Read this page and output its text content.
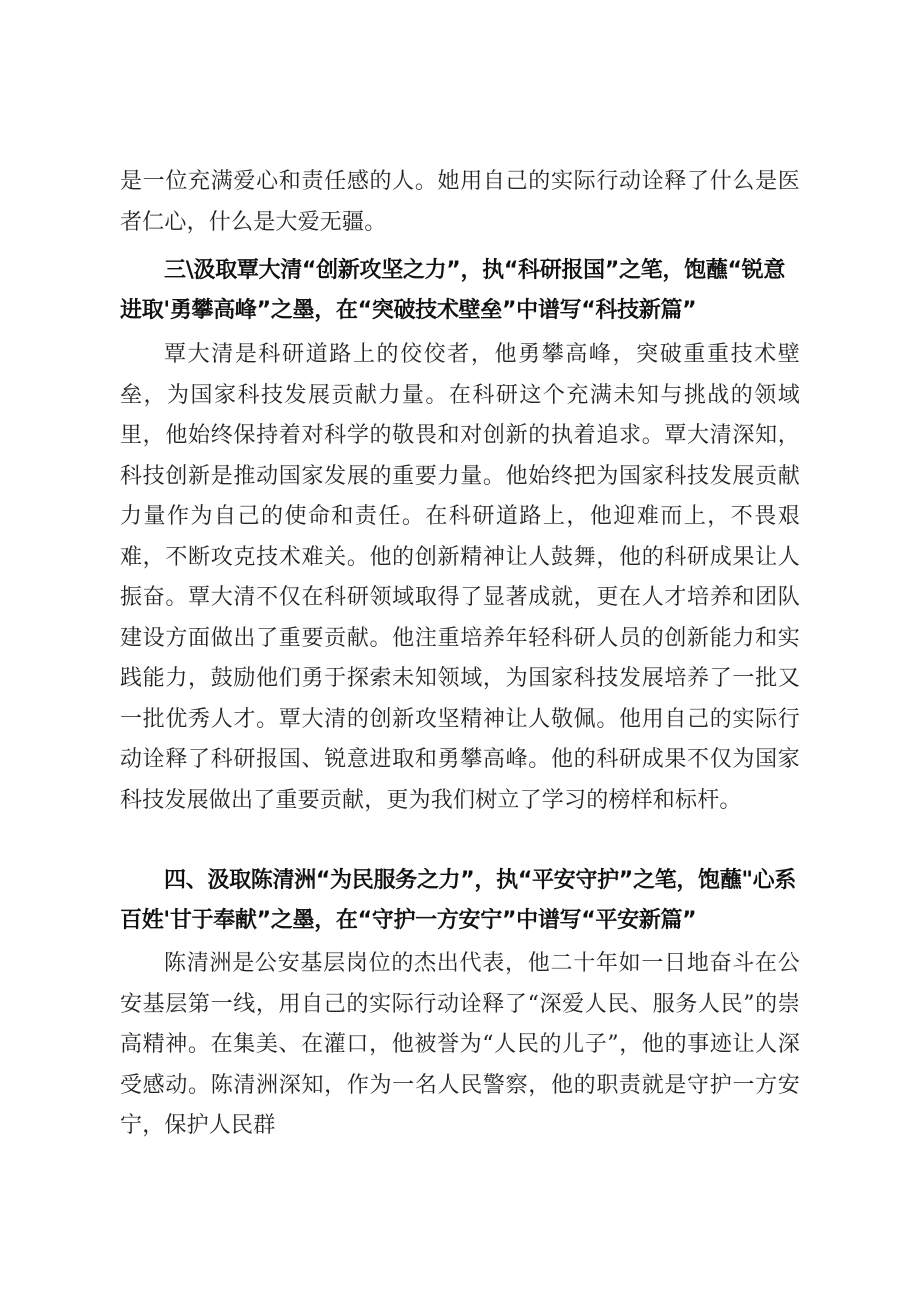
是一位充满爱心和责任感的人。她用自己的实际行动诠释了什么是医者仁心，什么是大爱无疆。

三\汲取覃大清“创新攻坚之力”，执“科研报国”之笔，饱蘸“锐意进取'勇攀高峰”之墨，在“突破技术壁垒”中谱写“科技新篇”

覃大清是科研道路上的佼佼者，他勇攀高峰，突破重重技术壁垒，为国家科技发展贡献力量。在科研这个充满未知与挑战的领域里，他始终保持着对科学的敬畏和对创新的执着追求。覃大清深知，科技创新是推动国家发展的重要力量。他始终把为国家科技发展贡献力量作为自己的使命和责任。在科研道路上，他迎难而上，不畏艰难，不断攻克技术难关。他的创新精神让人鼓舞，他的科研成果让人振奋。覃大清不仅在科研领域取得了显著成就，更在人才培养和团队建设方面做出了重要贡献。他注重培养年轻科研人员的创新能力和实践能力，鼓励他们勇于探索未知领域，为国家科技发展培养了一批又一批优秀人才。覃大清的创新攻坚精神让人敬佩。他用自己的实际行动诠释了科研报国、锐意进取和勇攀高峰。他的科研成果不仅为国家科技发展做出了重要贡献，更为我们树立了学习的榜样和标杆。

四、汲取陈清洲“为民服务之力”，执“平安守护”之笔，饱蘸"心系百姓'甘于奉献”之墨，在“守护一方安宁”中谱写“平安新篇”

陈清洲是公安基层岗位的杰出代表，他二十年如一日地奋斗在公安基层第一线，用自己的实际行动诠释了“深爱人民、服务人民”的崇高精神。在集美、在灌口，他被誉为“人民的儿子”，他的事迹让人深受感动。陈清洲深知，作为一名人民警察，他的职责就是守护一方安宁，保护人民群
